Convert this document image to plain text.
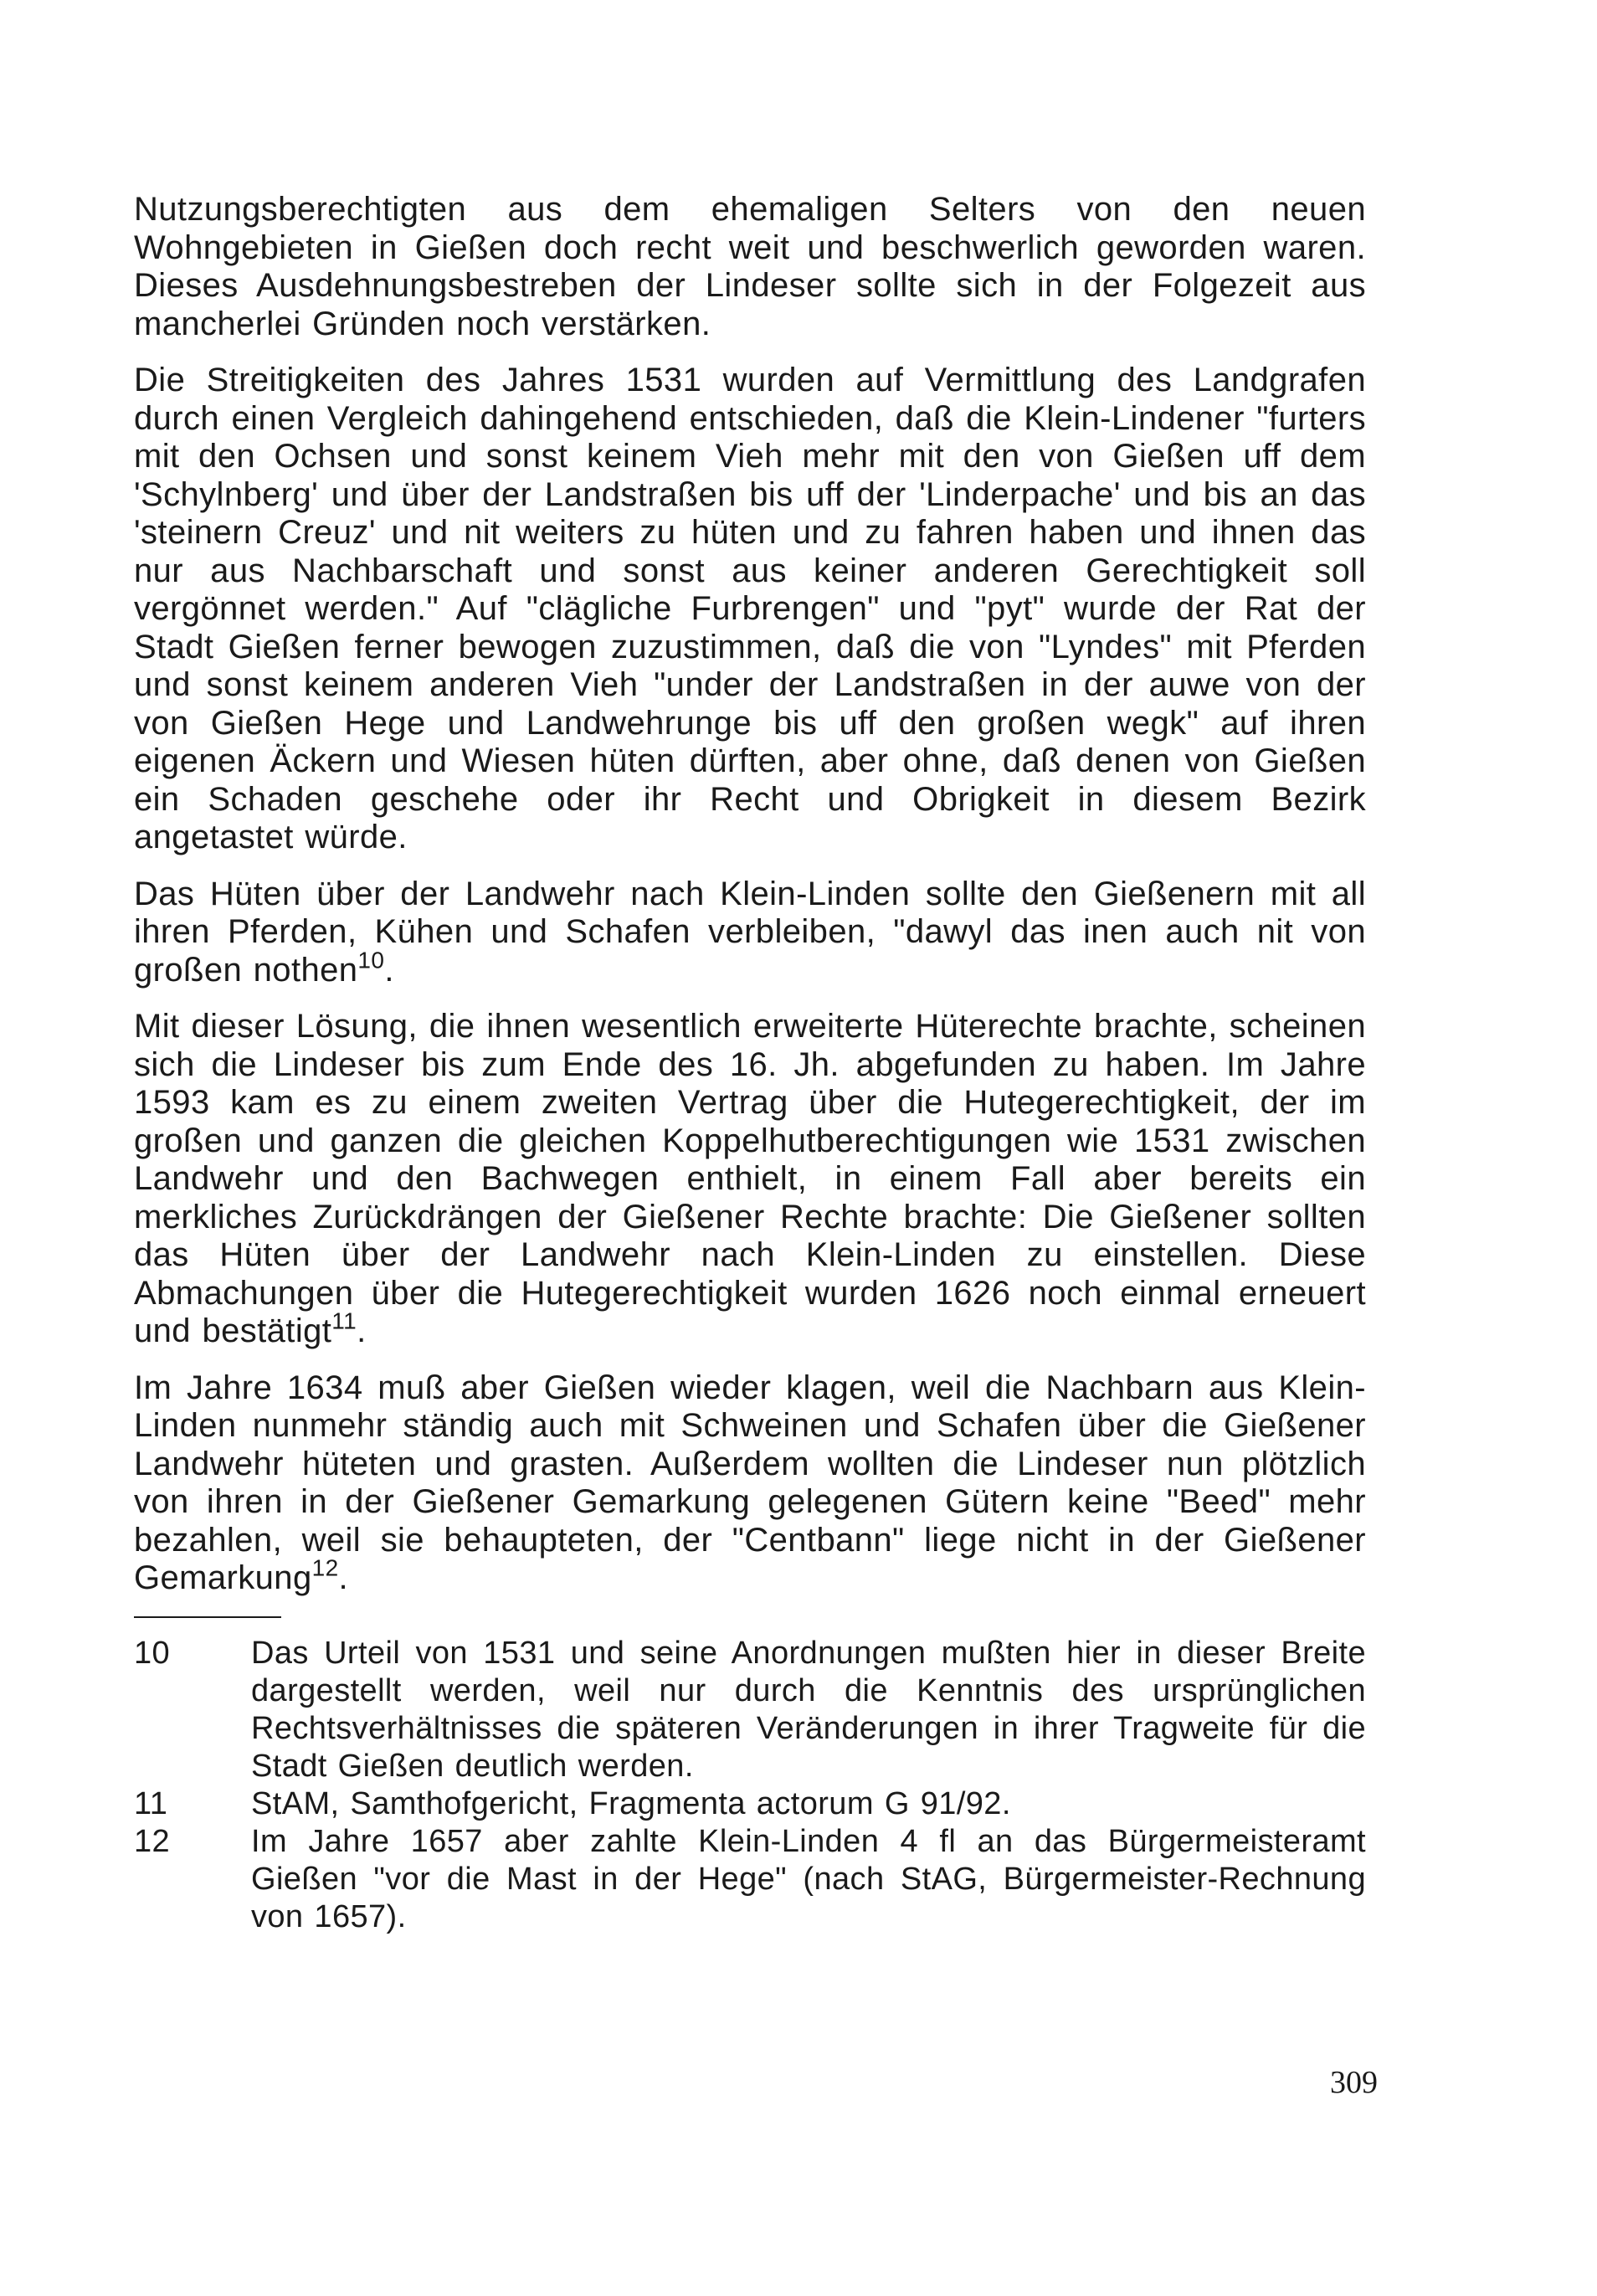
Nutzungsberechtigten aus dem ehemaligen Selters von den neuen Wohngebieten in Gießen doch recht weit und beschwerlich geworden waren. Dieses Ausdehnungsbestreben der Lindeser sollte sich in der Folgezeit aus mancherlei Gründen noch verstärken.

Die Streitigkeiten des Jahres 1531 wurden auf Vermittlung des Landgrafen durch einen Vergleich dahingehend entschieden, daß die Klein-Lindener "furters mit den Ochsen und sonst keinem Vieh mehr mit den von Gießen uff dem 'Schylnberg' und über der Landstraßen bis uff der 'Linderpache' und bis an das 'steinern Creuz' und nit weiters zu hüten und zu fahren haben und ihnen das nur aus Nachbarschaft und sonst aus keiner anderen Gerechtigkeit soll vergönnet werden." Auf "clägliche Furbrengen" und "pyt" wurde der Rat der Stadt Gießen ferner bewogen zuzustimmen, daß die von "Lyndes" mit Pferden und sonst keinem anderen Vieh "under der Landstraßen in der auwe von der von Gießen Hege und Landwehrunge bis uff den großen wegk" auf ihren eigenen Äckern und Wiesen hüten dürften, aber ohne, daß denen von Gießen ein Schaden geschehe oder ihr Recht und Obrigkeit in diesem Bezirk angetastet würde.

Das Hüten über der Landwehr nach Klein-Linden sollte den Gießenern mit all ihren Pferden, Kühen und Schafen verbleiben, "dawyl das inen auch nit von großen nothen$^{10}$.

Mit dieser Lösung, die ihnen wesentlich erweiterte Hüterechte brachte, scheinen sich die Lindeser bis zum Ende des 16. Jh. abgefunden zu haben. Im Jahre 1593 kam es zu einem zweiten Vertrag über die Hutegerechtigkeit, der im großen und ganzen die gleichen Koppelhutberechtigungen wie 1531 zwischen Landwehr und den Bachwegen enthielt, in einem Fall aber bereits ein merkliches Zurückdrängen der Gießener Rechte brachte: Die Gießener sollten das Hüten über der Landwehr nach Klein-Linden zu einstellen. Diese Abmachungen über die Hutegerechtigkeit wurden 1626 noch einmal erneuert und bestätigt$^{11}$.

Im Jahre 1634 muß aber Gießen wieder klagen, weil die Nachbarn aus Klein-Linden nunmehr ständig auch mit Schweinen und Schafen über die Gießener Landwehr hüteten und grasten. Außerdem wollten die Lindeser nun plötzlich von ihren in der Gießener Gemarkung gelegenen Gütern keine "Beed" mehr bezahlen, weil sie behaupteten, der "Centbann" liege nicht in der Gießener Gemarkung$^{12}$.

10	Das Urteil von 1531 und seine Anordnungen mußten hier in dieser Breite dargestellt werden, weil nur durch die Kenntnis des ursprünglichen Rechtsverhältnisses die späteren Veränderungen in ihrer Tragweite für die Stadt Gießen deutlich werden.
11	StAM, Samthofgericht, Fragmenta actorum G 91/92.
12	Im Jahre 1657 aber zahlte Klein-Linden 4 fl an das Bürgermeisteramt Gießen "vor die Mast in der Hege" (nach StAG, Bürgermeister-Rechnung von 1657).
309
